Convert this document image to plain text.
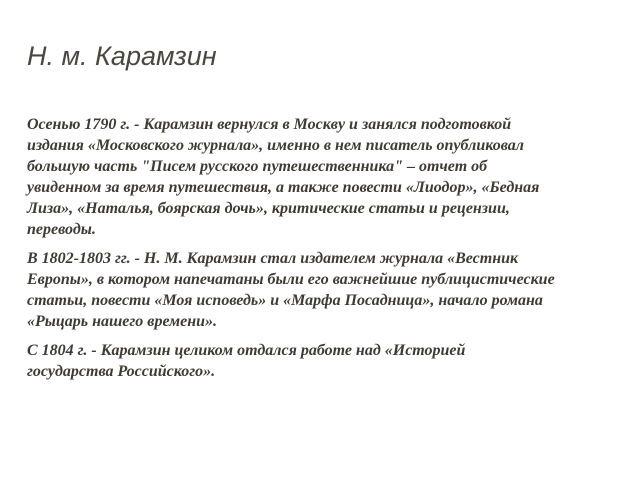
Н. м. Карамзин

Осенью 1790 г. - Карамзин вернулся в Москву и занялся подготовкой
издания «Московского журнала», именно в нем писатель опубликовал
большую часть "Писем русского путешественника" – отчет об
увиденном за время путешествия, а также повести «Лиодор», «Бедная
Лиза», «Наталья, боярская дочь», критические статьи и рецензии,
переводы.

В 1802-1803 гг. - Н. М. Карамзин стал издателем журнала «Вестник
Европы», в котором напечатаны были его важнейшие публицистические
статьи, повести «Моя исповедь» и «Марфа Посадница», начало романа
«Рыцарь нашего времени».

С 1804 г. - Карамзин целиком отдался работе над «Историей
государства Российского».
